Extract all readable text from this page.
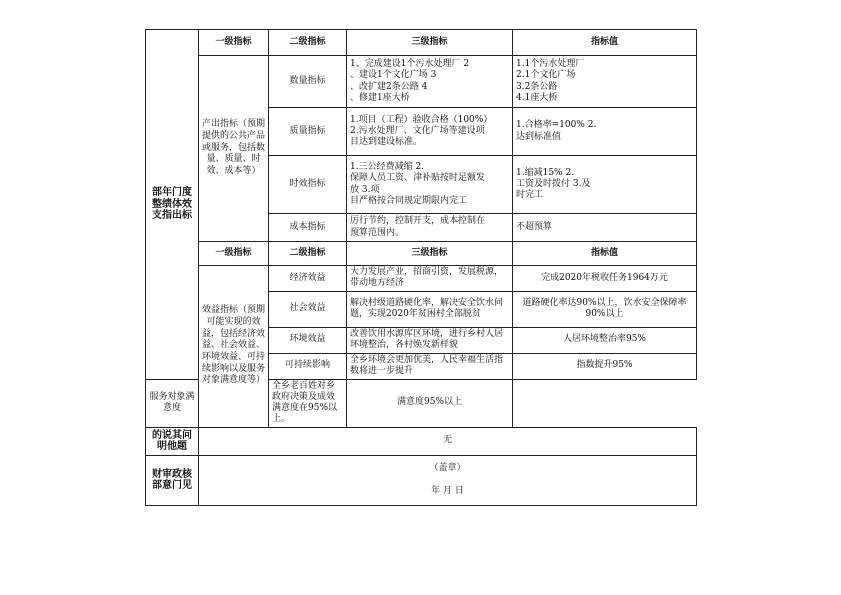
部年门度整绩体效支指出标	一级指标	二级指标	三级指标	指标值
	产出指标（预期提供的公共产品或服务，包括数量、质量、时效、成本等）	数量指标	1、完成建设1个污水处理厂 2
、建设1个文化广场 3
、改扩建2条公路 4
、修建1座大桥	1.1个污水处理厂
2.1个文化广场
3.2条公路
4.1座大桥

		质量指标	1.项目（工程）验收合格（100%）
2.污水处理厂、文化广场等建设项
目达到建设标准。	1.合格率=100% 2.
达到标准值

		时效指标	1.三公经费减缩 2.
保障人员工资、津补贴按时足额发
放 3.项
目严格按合同规定期限内完工	1.缩减15% 2.
工资及时拨付 3.及
时完工

		成本指标	厉行节约，控制开支，成本控制在
预算范围内。	不超预算

	一级指标	二级指标	三级指标	指标值
	效益指标（预期可能实现的效益，包括经济效益、社会效益、环境效益、可持续影响以及服务对象满意度等）	经济效益	大力发展产业，招商引资，发展税源，带动地方经济	完成2020年税收任务1964万元
		社会效益	解决村级道路硬化率，解决安全饮水问题，实现2020年贫困村全部脱贫	道路硬化率达90%以上，饮水安全保障率90%以上
		环境效益	改善饮用水源库区环境，进行乡村人居环境整治，各村焕发新样貌	人居环境整治率95%
		可持续影响	全乡环境会更加优美，人民幸福生活指数将进一步提升	指数提升95%
服务对象满意度		全乡老百姓对乡政府决策及成效满意度在95%以上。	满意度95%以上	
的说其问明他题	无			
财审政核部意门见	（盖章）
年 月 日			
